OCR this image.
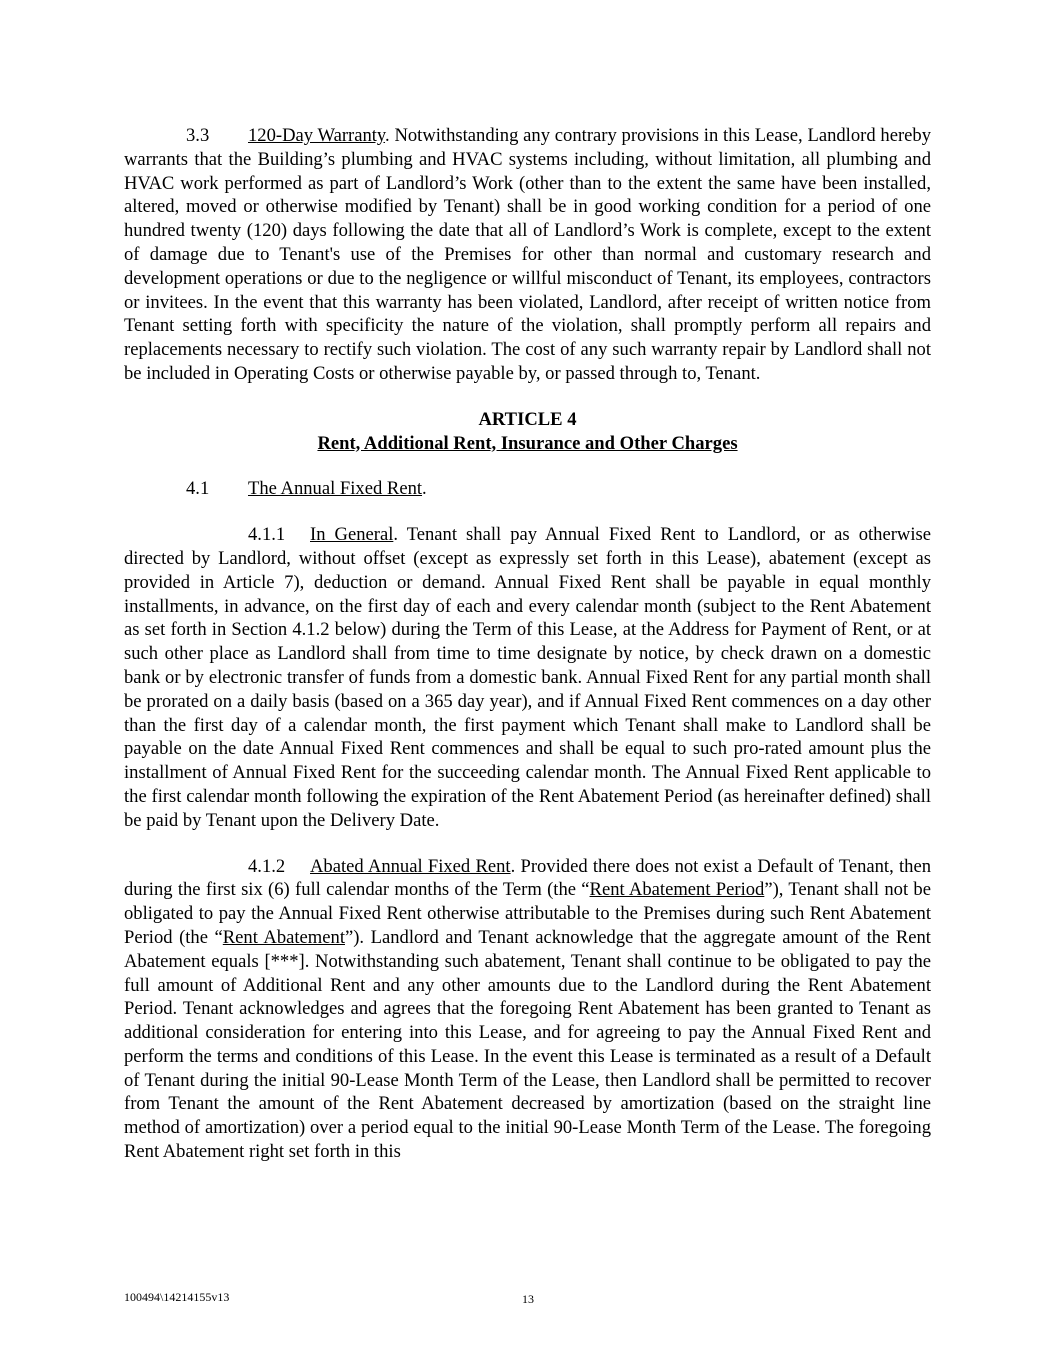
3.3 120-Day Warranty. Notwithstanding any contrary provisions in this Lease, Landlord hereby warrants that the Building’s plumbing and HVAC systems including, without limitation, all plumbing and HVAC work performed as part of Landlord’s Work (other than to the extent the same have been installed, altered, moved or otherwise modified by Tenant) shall be in good working condition for a period of one hundred twenty (120) days following the date that all of Landlord’s Work is complete, except to the extent of damage due to Tenant's use of the Premises for other than normal and customary research and development operations or due to the negligence or willful misconduct of Tenant, its employees, contractors or invitees. In the event that this warranty has been violated, Landlord, after receipt of written notice from Tenant setting forth with specificity the nature of the violation, shall promptly perform all repairs and replacements necessary to rectify such violation. The cost of any such warranty repair by Landlord shall not be included in Operating Costs or otherwise payable by, or passed through to, Tenant.

ARTICLE 4

Rent, Additional Rent, Insurance and Other Charges

4.1 The Annual Fixed Rent.

4.1.1 In General. Tenant shall pay Annual Fixed Rent to Landlord, or as otherwise directed by Landlord, without offset (except as expressly set forth in this Lease), abatement (except as provided in Article 7), deduction or demand. Annual Fixed Rent shall be payable in equal monthly installments, in advance, on the first day of each and every calendar month (subject to the Rent Abatement as set forth in Section 4.1.2 below) during the Term of this Lease, at the Address for Payment of Rent, or at such other place as Landlord shall from time to time designate by notice, by check drawn on a domestic bank or by electronic transfer of funds from a domestic bank. Annual Fixed Rent for any partial month shall be prorated on a daily basis (based on a 365 day year), and if Annual Fixed Rent commences on a day other than the first day of a calendar month, the first payment which Tenant shall make to Landlord shall be payable on the date Annual Fixed Rent commences and shall be equal to such pro-rated amount plus the installment of Annual Fixed Rent for the succeeding calendar month. The Annual Fixed Rent applicable to the first calendar month following the expiration of the Rent Abatement Period (as hereinafter defined) shall be paid by Tenant upon the Delivery Date.

4.1.2 Abated Annual Fixed Rent. Provided there does not exist a Default of Tenant, then during the first six (6) full calendar months of the Term (the “Rent Abatement Period”), Tenant shall not be obligated to pay the Annual Fixed Rent otherwise attributable to the Premises during such Rent Abatement Period (the “Rent Abatement”). Landlord and Tenant acknowledge that the aggregate amount of the Rent Abatement equals [***]. Notwithstanding such abatement, Tenant shall continue to be obligated to pay the full amount of Additional Rent and any other amounts due to the Landlord during the Rent Abatement Period. Tenant acknowledges and agrees that the foregoing Rent Abatement has been granted to Tenant as additional consideration for entering into this Lease, and for agreeing to pay the Annual Fixed Rent and perform the terms and conditions of this Lease. In the event this Lease is terminated as a result of a Default of Tenant during the initial 90-Lease Month Term of the Lease, then Landlord shall be permitted to recover from Tenant the amount of the Rent Abatement decreased by amortization (based on the straight line method of amortization) over a period equal to the initial 90-Lease Month Term of the Lease. The foregoing Rent Abatement right set forth in this

100494\14214155v13	13
